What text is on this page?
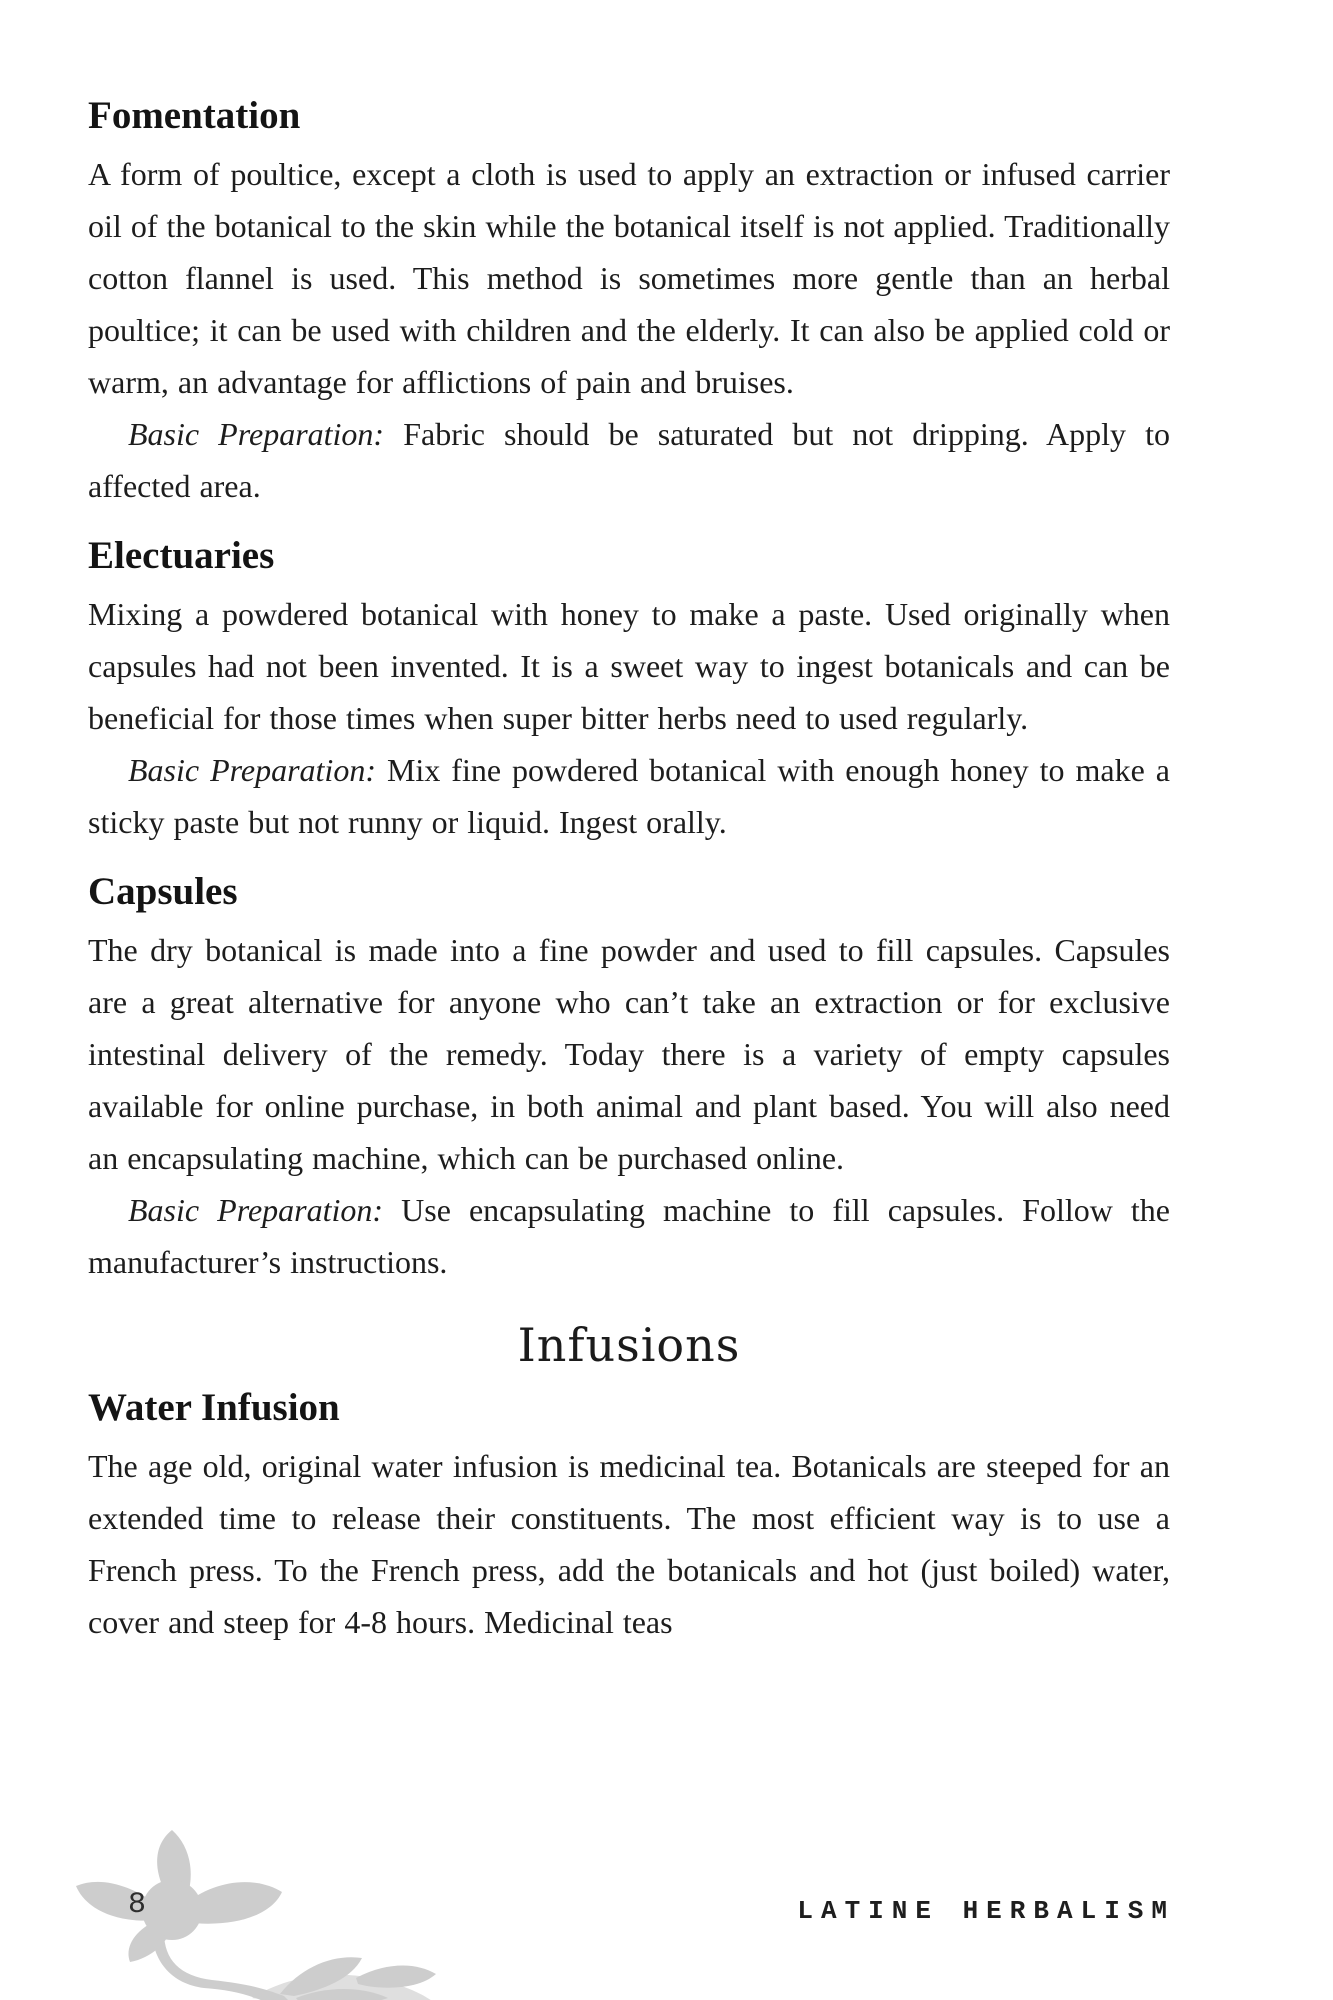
Fomentation

A form of poultice, except a cloth is used to apply an extraction or infused carrier oil of the botanical to the skin while the botanical itself is not applied. Traditionally cotton flannel is used. This method is sometimes more gentle than an herbal poultice; it can be used with children and the elderly. It can also be applied cold or warm, an advantage for afflictions of pain and bruises.

Basic Preparation: Fabric should be saturated but not dripping. Apply to affected area.

Electuaries

Mixing a powdered botanical with honey to make a paste. Used originally when capsules had not been invented. It is a sweet way to ingest botanicals and can be beneficial for those times when super bitter herbs need to used regularly.

Basic Preparation: Mix fine powdered botanical with enough honey to make a sticky paste but not runny or liquid. Ingest orally.

Capsules

The dry botanical is made into a fine powder and used to fill capsules. Capsules are a great alternative for anyone who can’t take an extraction or for exclusive intestinal delivery of the remedy. Today there is a variety of empty capsules available for online purchase, in both animal and plant based. You will also need an encapsulating machine, which can be purchased online.

Basic Preparation: Use encapsulating machine to fill capsules. Follow the manufacturer’s instructions.

Infusions
Water Infusion

The age old, original water infusion is medicinal tea. Botanicals are steeped for an extended time to release their constituents. The most efficient way is to use a French press. To the French press, add the botanicals and hot (just boiled) water, cover and steep for 4-8 hours. Medicinal teas

8	LATINE HERBALISM
